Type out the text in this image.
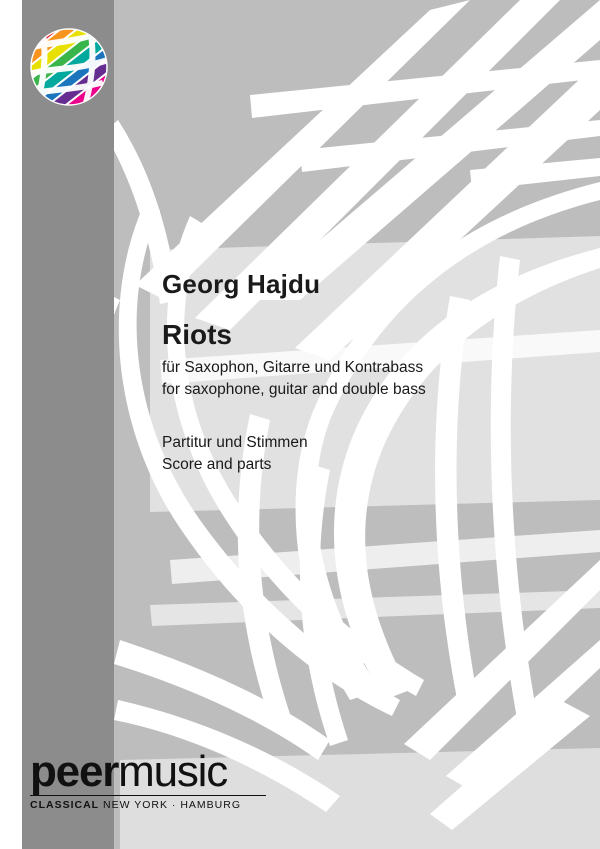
Georg Hajdu
Riots

für Saxophon, Gitarre und Kontrabass

for saxophone, guitar and double bass

Partitur und Stimmen

Score and parts

peermusic
CLASSICAL NEW YORK · HAMBURG
